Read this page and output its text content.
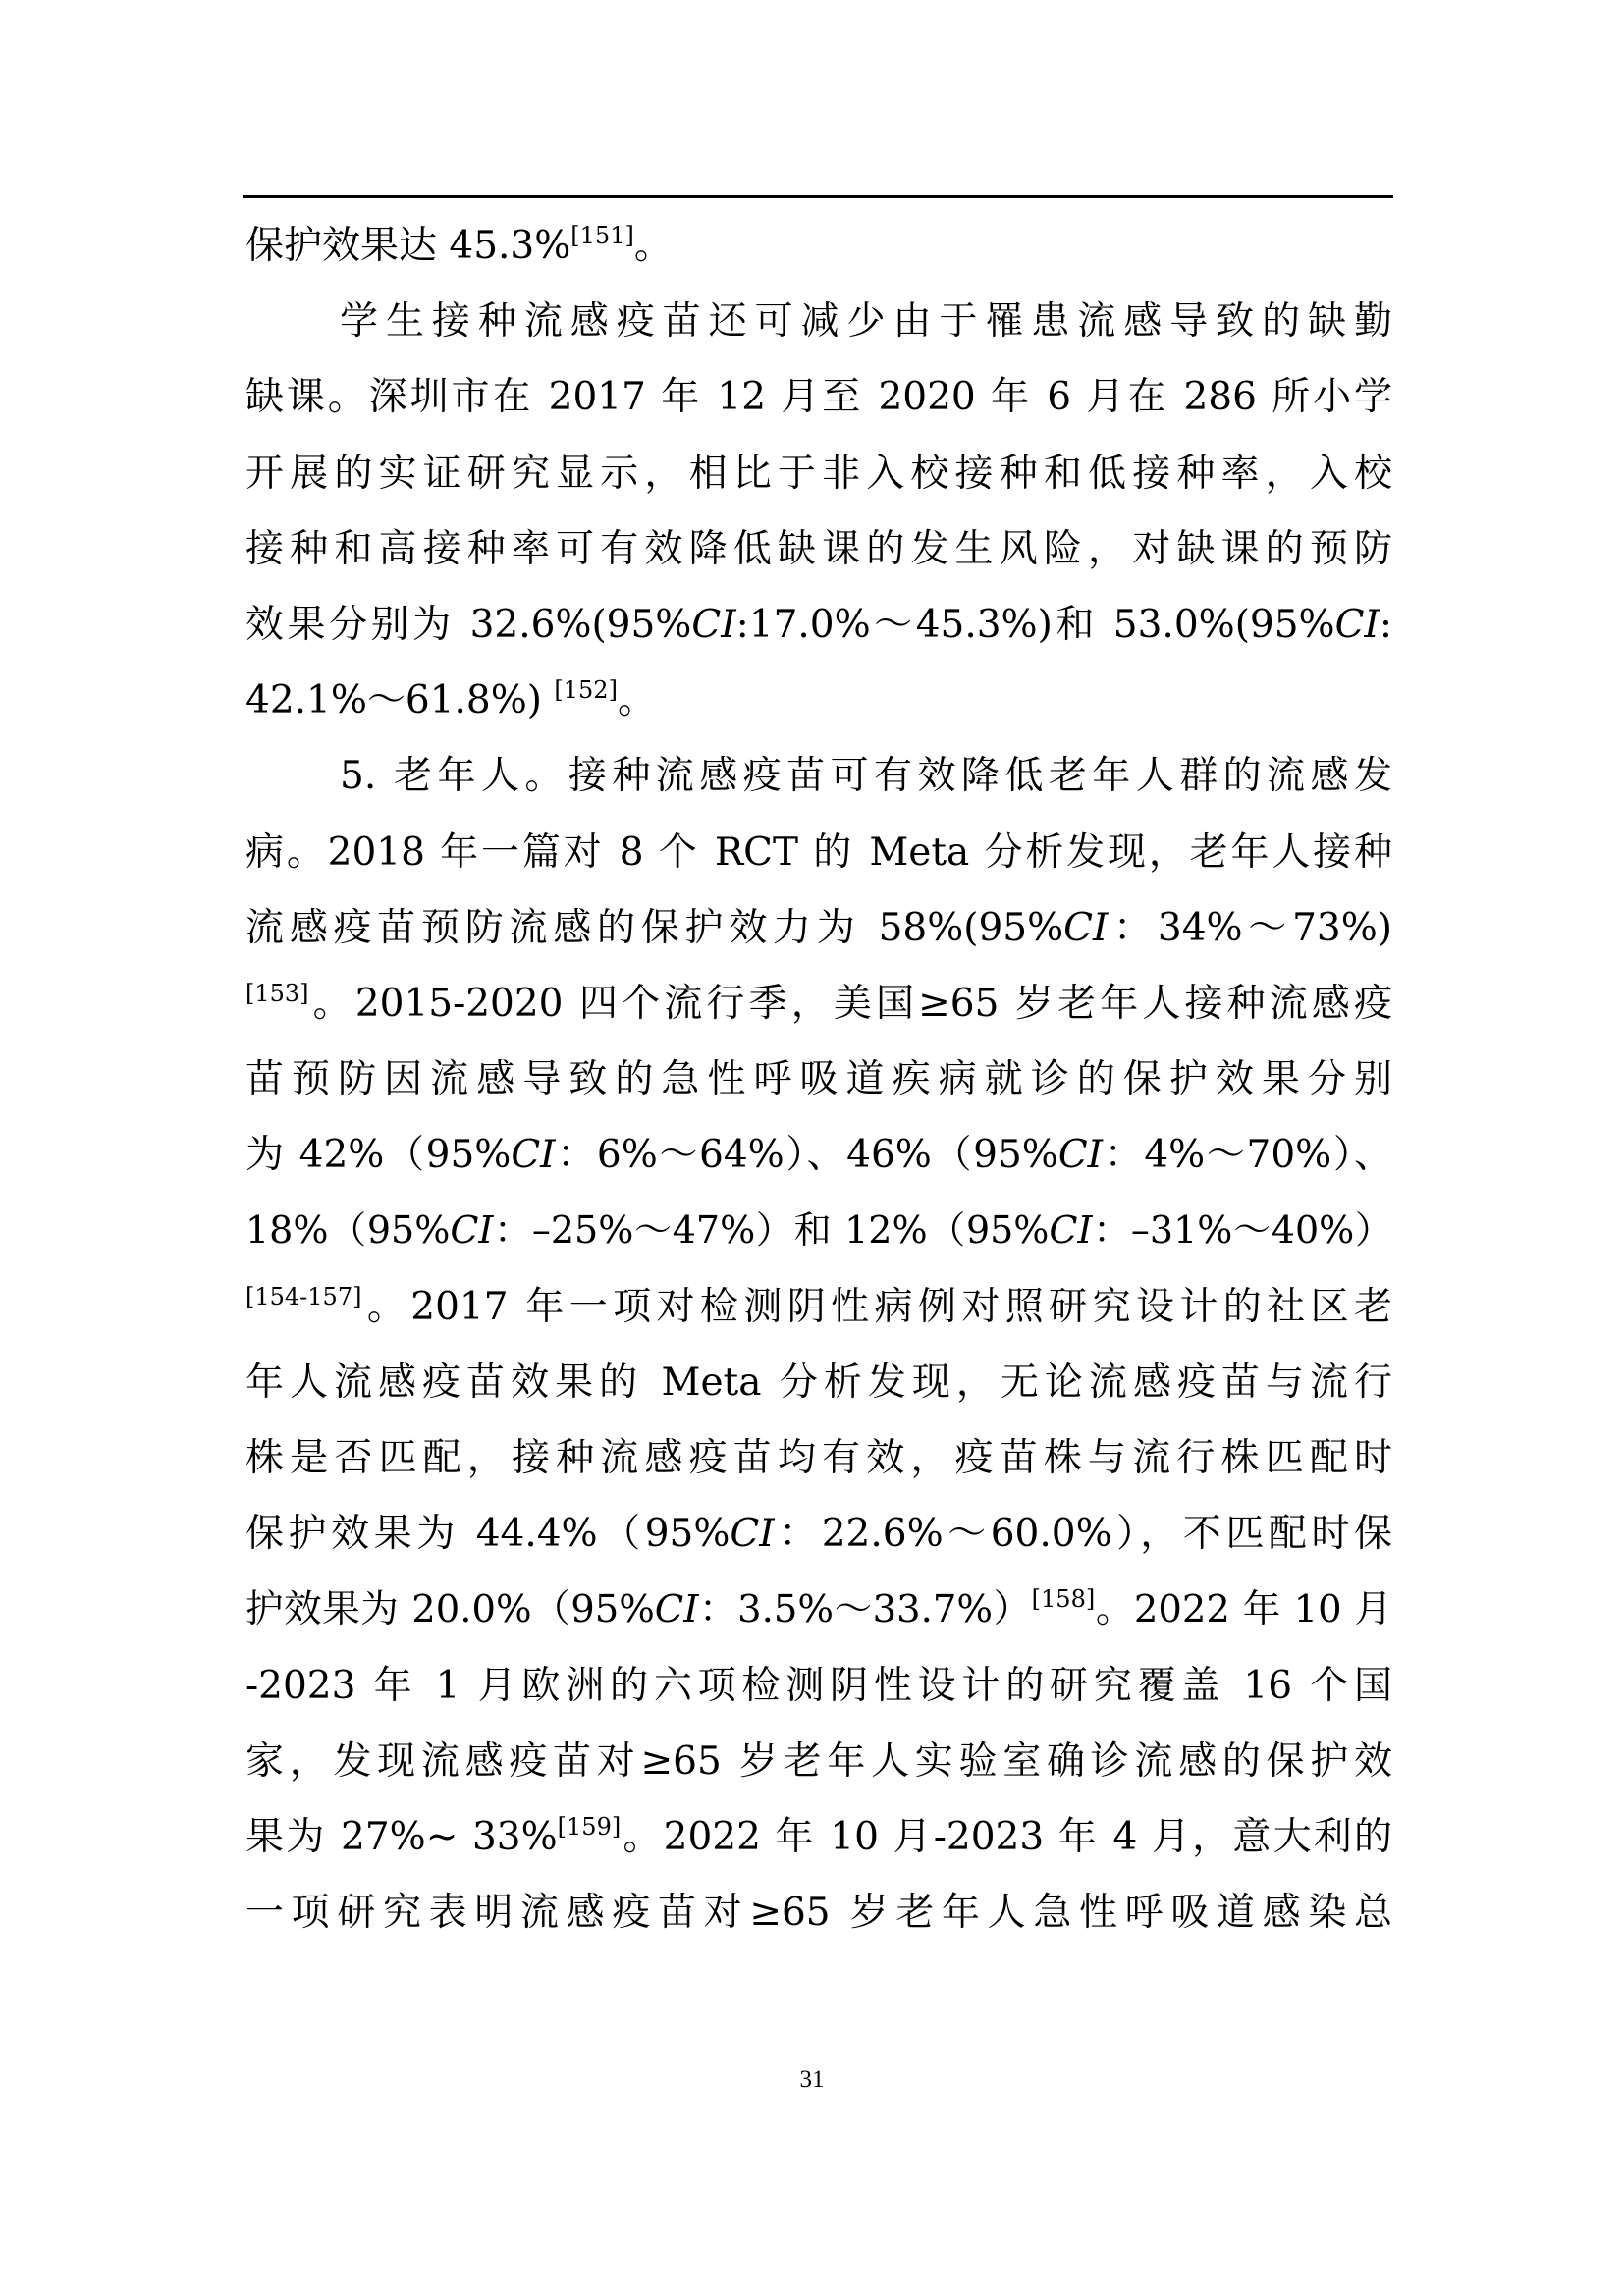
保护效果达 45.3%[151]。
学生接种流感疫苗还可减少由于罹患流感导致的缺勤
缺课。深圳市在 2017 年 12 月至 2020 年 6 月在 286 所小学
开展的实证研究显示，相比于非入校接种和低接种率，入校
接种和高接种率可有效降低缺课的发生风险，对缺课的预防
效果分别为 32.6%(95%CI:17.0%～45.3%)和 53.0%(95%CI:
42.1%～61.8%) [152]。
5. 老年人。接种流感疫苗可有效降低老年人群的流感发
病。2018 年一篇对 8 个 RCT 的 Meta 分析发现，老年人接种
流感疫苗预防流感的保护效力为 58%(95%CI：34%～73%)
[153]。2015-2020 四个流行季，美国≥65 岁老年人接种流感疫
苗预防因流感导致的急性呼吸道疾病就诊的保护效果分别
为 42%（95%CI：6%～64%）、46%（95%CI：4%～70%）、
18%（95%CI：–25%～47%）和 12%（95%CI：–31%～40%）
[154-157]。2017 年一项对检测阴性病例对照研究设计的社区老
年人流感疫苗效果的 Meta 分析发现，无论流感疫苗与流行
株是否匹配，接种流感疫苗均有效，疫苗株与流行株匹配时
保护效果为 44.4%（95%CI：22.6%～60.0%），不匹配时保
护效果为 20.0%（95%CI：3.5%～33.7%）[158]。2022 年 10 月
-2023 年 1 月欧洲的六项检测阴性设计的研究覆盖 16 个国
家，发现流感疫苗对≥65 岁老年人实验室确诊流感的保护效
果为 27%~ 33%[159]。2022 年 10 月-2023 年 4 月，意大利的
一项研究表明流感疫苗对≥65 岁老年人急性呼吸道感染总
31
